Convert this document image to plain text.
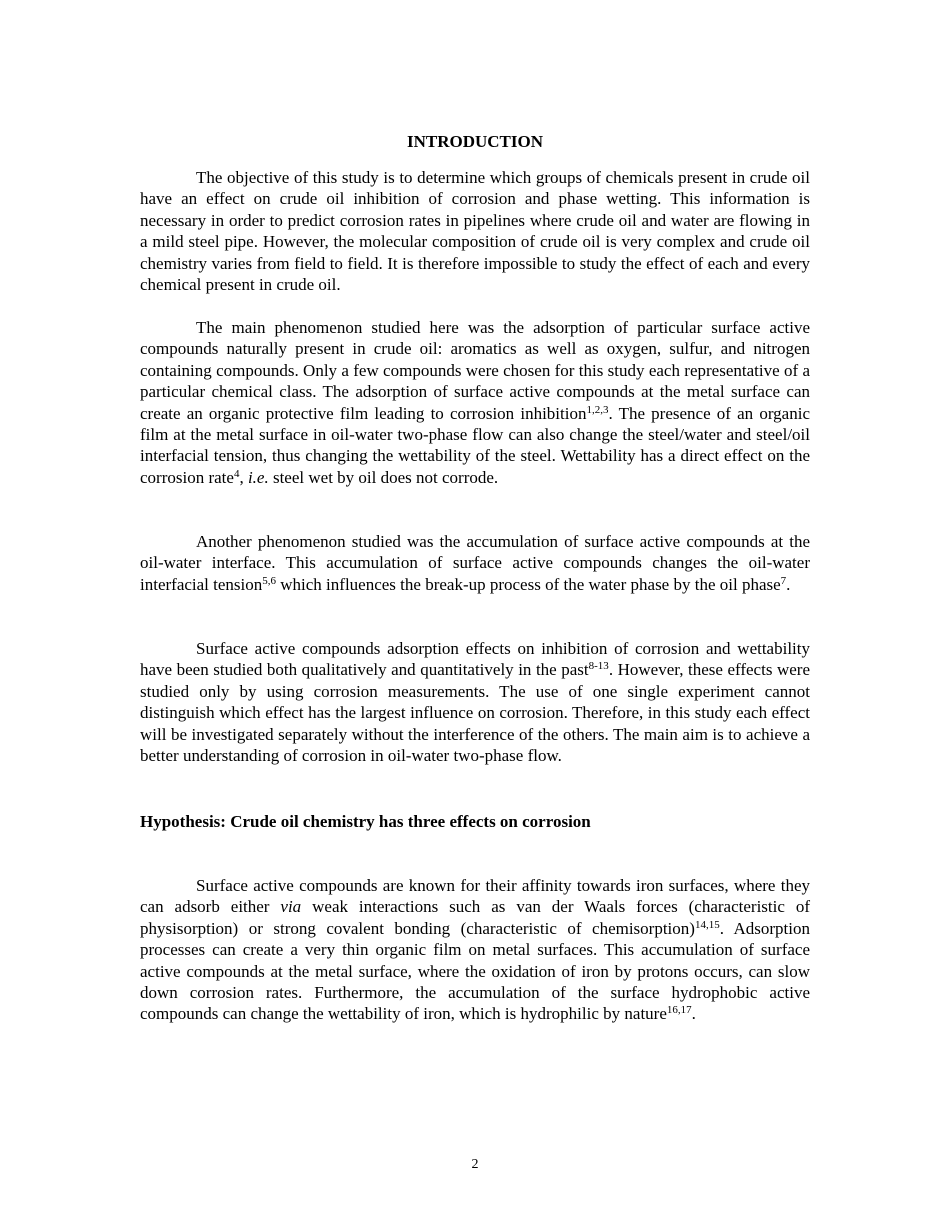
INTRODUCTION
The objective of this study is to determine which groups of chemicals present in crude oil have an effect on crude oil inhibition of corrosion and phase wetting. This information is necessary in order to predict corrosion rates in pipelines where crude oil and water are flowing in a mild steel pipe. However, the molecular composition of crude oil is very complex and crude oil chemistry varies from field to field. It is therefore impossible to study the effect of each and every chemical present in crude oil.
The main phenomenon studied here was the adsorption of particular surface active compounds naturally present in crude oil: aromatics as well as oxygen, sulfur, and nitrogen containing compounds. Only a few compounds were chosen for this study each representative of a particular chemical class. The adsorption of surface active compounds at the metal surface can create an organic protective film leading to corrosion inhibition$^{1,2,3}$. The presence of an organic film at the metal surface in oil-water two-phase flow can also change the steel/water and steel/oil interfacial tension, thus changing the wettability of the steel. Wettability has a direct effect on the corrosion rate$^4$, i.e. steel wet by oil does not corrode.
Another phenomenon studied was the accumulation of surface active compounds at the oil-water interface. This accumulation of surface active compounds changes the oil-water interfacial tension$^{5,6}$ which influences the break-up process of the water phase by the oil phase$^7$.
Surface active compounds adsorption effects on inhibition of corrosion and wettability have been studied both qualitatively and quantitatively in the past$^{8-13}$. However, these effects were studied only by using corrosion measurements. The use of one single experiment cannot distinguish which effect has the largest influence on corrosion. Therefore, in this study each effect will be investigated separately without the interference of the others. The main aim is to achieve a better understanding of corrosion in oil-water two-phase flow.
Hypothesis: Crude oil chemistry has three effects on corrosion
Surface active compounds are known for their affinity towards iron surfaces, where they can adsorb either via weak interactions such as van der Waals forces (characteristic of physisorption) or strong covalent bonding (characteristic of chemisorption)$^{14,15}$. Adsorption processes can create a very thin organic film on metal surfaces. This accumulation of surface active compounds at the metal surface, where the oxidation of iron by protons occurs, can slow down corrosion rates. Furthermore, the accumulation of the surface hydrophobic active compounds can change the wettability of iron, which is hydrophilic by nature$^{16,17}$.
2
